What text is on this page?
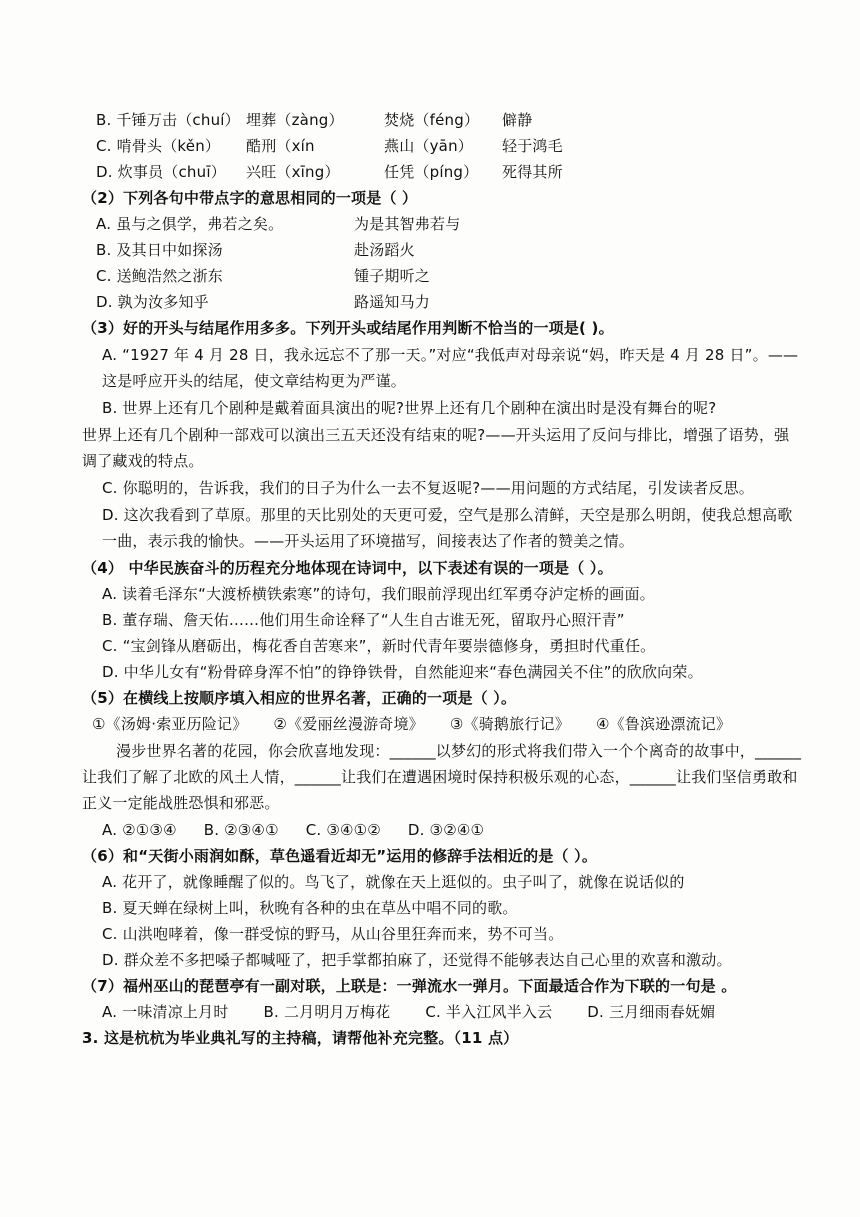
B. 千锤万击（chuí） 埋葬（zàng）	焚烧（féng）	僻静
C. 啃骨头（kěn）	酷刑（xín	燕山（yān）	轻于鸿毛
D. 炊事员（chuī）	兴旺（xīng）	任凭（píng）	死得其所
（2）下列各句中带点字的意思相同的一项是（ ）
A. 虽与之俱学，弗若之矣。	为是其智弗若与
B. 及其日中如探汤	赴汤蹈火
C. 送鲍浩然之浙东	锺子期听之
D. 孰为汝多知乎	路遥知马力
（3）好的开头与结尾作用多多。下列开头或结尾作用判断不恰当的一项是( )。
A. “1927 年 4 月 28 日，我永远忘不了那一天。”对应“我低声对母亲说“妈，昨天是 4 月 28 日”。——这是呼应开头的结尾，使文章结构更为严谨。
B. 世界上还有几个剧种是戴着面具演出的呢?世界上还有几个剧种在演出时是没有舞台的呢?
世界上还有几个剧种一部戏可以演出三五天还没有结束的呢?——开头运用了反问与排比，增强了语势，强调了藏戏的特点。
C. 你聪明的，告诉我，我们的日子为什么一去不复返呢?——用问题的方式结尾，引发读者反思。
D. 这次我看到了草原。那里的天比别处的天更可爱，空气是那么清鲜，天空是那么明朗，使我总想高歌一曲，表示我的愉快。——开头运用了环境描写，间接表达了作者的赞美之情。
（4） 中华民族奋斗的历程充分地体现在诗词中，以下表述有误的一项是（ ）。
A. 读着毛泽东“大渡桥横铁索寒”的诗句，我们眼前浮现出红军勇夺泸定桥的画面。
B. 董存瑞、詹天佑……他们用生命诠释了“人生自古谁无死，留取丹心照汗青”
C. “宝剑锋从磨砺出，梅花香自苦寒来”，新时代青年要崇德修身，勇担时代重任。
D. 中华儿女有“粉骨碎身浑不怕”的铮铮铁骨，自然能迎来“春色满园关不住”的欣欣向荣。
（5）在横线上按顺序填入相应的世界名著，正确的一项是（ ）。
①《汤姆·索亚历险记》 ②《爱丽丝漫游奇境》 ③《骑鹅旅行记》 ④《鲁滨逊漂流记》
漫步世界名著的花园，你会欣喜地发现：______以梦幻的形式将我们带入一个个离奇的故事中，______让我们了解了北欧的风土人情，______让我们在遭遇困境时保持积极乐观的心态，______让我们坚信勇敢和正义一定能战胜恐惧和邪恶。
A. ②①③④ B. ②③④① C. ③④①② D. ③②④①
（6）和“天街小雨润如酥，草色遥看近却无”运用的修辞手法相近的是（ ）。
A. 花开了，就像睡醒了似的。鸟飞了，就像在天上逛似的。虫子叫了，就像在说话似的
B. 夏天蝉在绿树上叫，秋晚有各种的虫在草丛中唱不同的歌。
C. 山洪咆哮着，像一群受惊的野马，从山谷里狂奔而来，势不可当。
D. 群众差不多把嗓子都喊哑了，把手掌都拍麻了，还觉得不能够表达自己心里的欢喜和激动。
（7）福州巫山的琵琶亭有一副对联，上联是：一弹流水一弹月。下面最适合作为下联的一句是 。
A. 一味清凉上月时 B. 二月明月万梅花 C. 半入江风半入云 D. 三月细雨春妩媚
3. 这是杭杭为毕业典礼写的主持稿，请帮他补充完整。（11 点）
